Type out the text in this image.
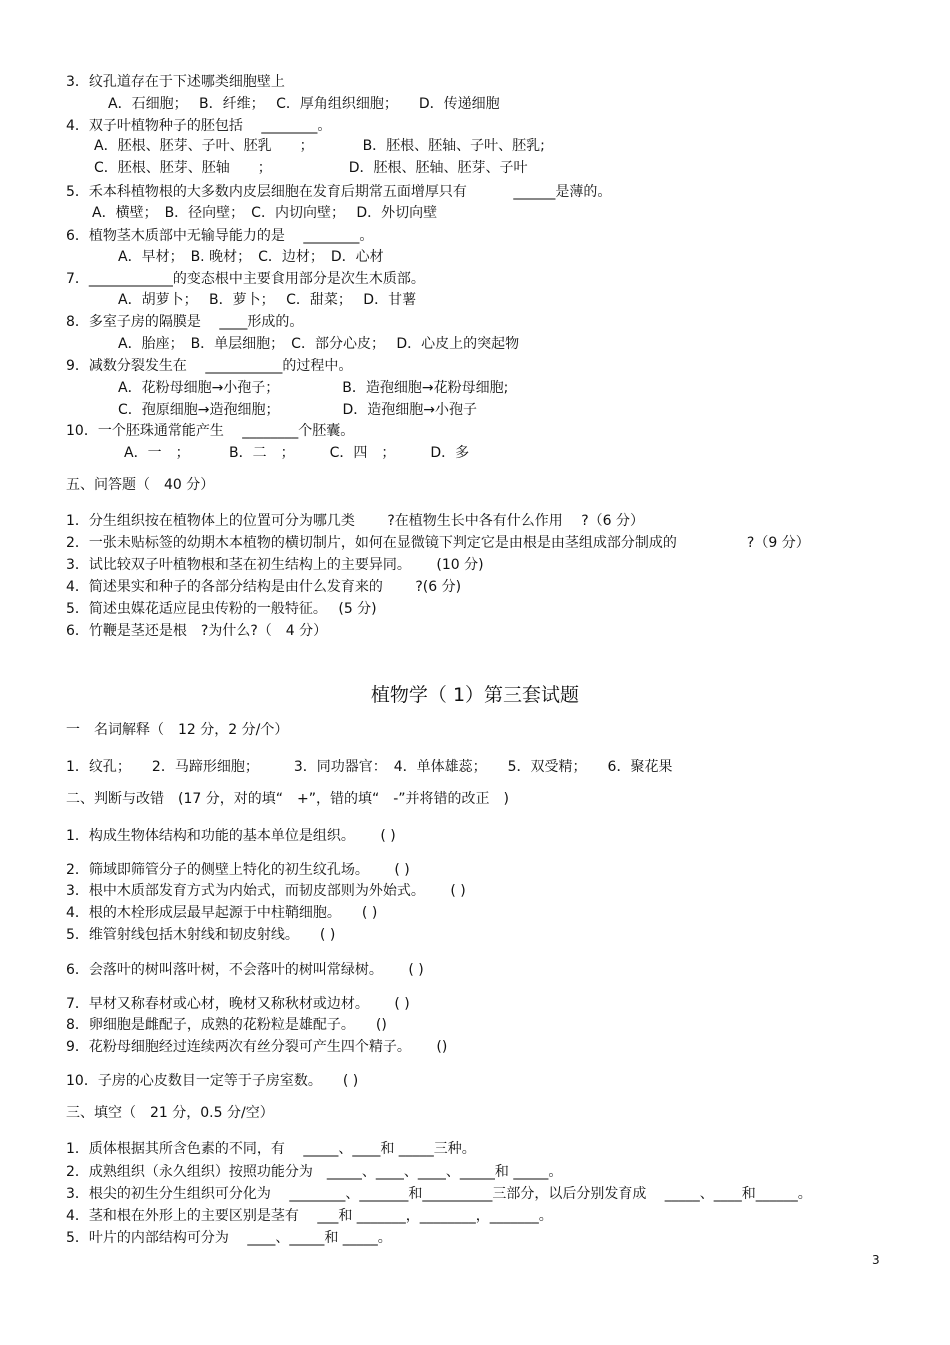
3．纹孔道存在于下述哪类细胞壁上
A．石细胞；　 B．纤维；　 C．厚角组织细胞；　　D．传递细胞
4．双子叶植物种子的胚包括　 ________。
A．胚根、胚芽、子叶、胚乳　　；　　　　B．胚根、胚轴、子叶、胚乳;
C．胚根、胚芽、胚轴　　；　　　　　　D．胚根、胚轴、胚芽、子叶
5．禾本科植物根的大多数内皮层细胞在发育后期常五面增厚只有　　　 ______是薄的。
A．横壁；　B．径向壁；　C．内切向壁；　 D．外切向壁
6．植物茎木质部中无输导能力的是　 ________。
A．早材；　B. 晚材；　C．边材；　D．心材
7．____________的变态根中主要食用部分是次生木质部。
A．胡萝卜；　 B．萝卜；　 C．甜菜；　 D．甘薯
8．多室子房的隔膜是　 ____形成的。
A．胎座；　B．单层细胞；　C．部分心皮；　 D．心皮上的突起物
9．减数分裂发生在　 ___________的过程中。
A．花粉母细胞→小孢子；　　　　　B．造孢细胞→花粉母细胞;
C．孢原细胞→造孢细胞；　　　　　D．造孢细胞→小孢子
10．一个胚珠通常能产生　 ________个胚囊。
A．一　；　　　 B．二　；　　　C．四　；　　　D．多
五、问答题（　40 分）
1．分生组织按在植物体上的位置可分为哪几类　　 ?在植物生长中各有什么作用　 ?（6 分）
2．一张未贴标签的幼期木本植物的横切制片，如何在显微镜下判定它是由根是由茎组成部分制成的　　　　　?（9 分）
3．试比较双子叶植物根和茎在初生结构上的主要异同。　　 (10 分)
4．简述果实和种子的各部分结构是由什么发育来的　　 ?(6 分)
5．简述虫媒花适应昆虫传粉的一般特征。　 (5 分)
6．竹鞭是茎还是根　?为什么?（　4 分）
一　名词解释（　12 分，2 分/个）
1．纹孔；　　2．马蹄形细胞；　　　3．同功器官：　4．单体雄蕊；　　5．双受精；　　6．聚花果
二、判断与改错　(17 分，对的填“　+”，错的填“　-”并将错的改正　)
1．构成生物体结构和功能的基本单位是组织。　　 ( )
2．筛域即筛管分子的侧壁上特化的初生纹孔场。　　 ( )
3．根中木质部发育方式为内始式，而韧皮部则为外始式。　　 ( )
4．根的木栓形成层最早起源于中柱鞘细胞。　　( )
5．维管射线包括木射线和韧皮射线。　　( )
6．会落叶的树叫落叶树，不会落叶的树叫常绿树。　　 ( )
7．早材又称春材或心材，晚材又称秋材或边材。　　 ( )
8．卵细胞是雌配子，成熟的花粉粒是雄配子。　　()
9．花粉母细胞经过连续两次有丝分裂可产生四个精子。　　 ()
10．子房的心皮数目一定等于子房室数。　　( )
三、填空（　21 分，0.5 分/空）
1．质体根据其所含色素的不同，有　 _____、____和 _____三种。
2．成熟组织（永久组织）按照功能分为　_____、____、____、_____和 _____。
3．根尖的初生分生组织可分化为　 ________、_______和__________三部分，以后分别发育成　 _____、____和______。
4．茎和根在外形上的主要区别是茎有　 ___和 _______，________，_______。
5．叶片的内部结构可分为　 ____、_____和 _____。
植物学（ 1）第三套试题
3
